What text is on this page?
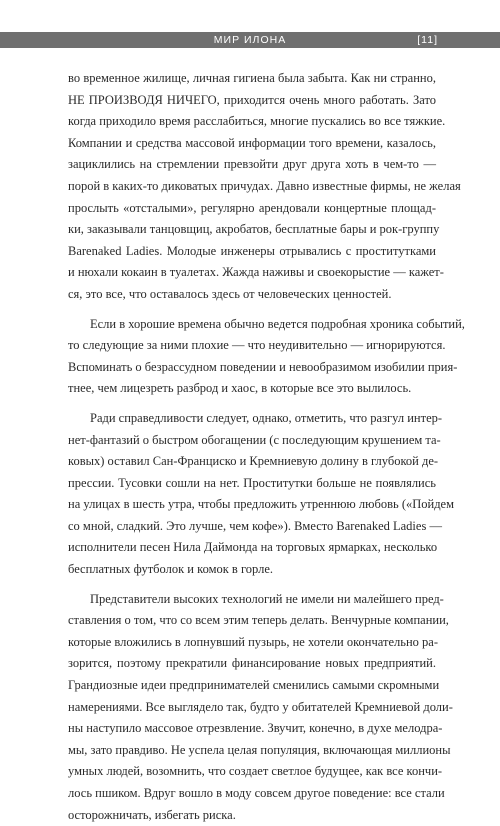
МИР ИЛОНА	[11]
во временное жилище, личная гигиена была забыта. Как ни странно,
НЕ ПРОИЗВОДЯ НИЧЕГО, приходится очень много работать. Зато
когда приходило время расслабиться, многие пускались во все тяжкие.
Компании и средства массовой информации того времени, казалось,
зациклились на стремлении превзойти друг друга хоть в чем-то —
порой в каких-то диковатых причудах. Давно известные фирмы, не желая
прослыть «отсталыми», регулярно арендовали концертные площад-
ки, заказывали танцовщиц, акробатов, бесплатные бары и рок-группу
Barenaked Ladies. Молодые инженеры отрывались с проститутками
и нюхали кокаин в туалетах. Жажда наживы и своекорыстие — кажет-
ся, это все, что оставалось здесь от человеческих ценностей.
Если в хорошие времена обычно ведется подробная хроника событий,
то следующие за ними плохие — что неудивительно — игнорируются.
Вспоминать о безрассудном поведении и невообразимом изобилии прия-
тнее, чем лицезреть разброд и хаос, в которые все это вылилось.
Ради справедливости следует, однако, отметить, что разгул интер-
нет-фантазий о быстром обогащении (с последующим крушением та-
ковых) оставил Сан-Франциско и Кремниевую долину в глубокой де-
прессии. Тусовки сошли на нет. Проститутки больше не появлялись
на улицах в шесть утра, чтобы предложить утреннюю любовь («Пойдем
со мной, сладкий. Это лучше, чем кофе»). Вместо Barenaked Ladies —
исполнители песен Нила Даймонда на торговых ярмарках, несколько
бесплатных футболок и комок в горле.
Представители высоких технологий не имели ни малейшего пред-
ставления о том, что со всем этим теперь делать. Венчурные компании,
которые вложились в лопнувший пузырь, не хотели окончательно ра-
зорится, поэтому прекратили финансирование новых предприятий.
Грандиозные идеи предпринимателей сменились самыми скромными
намерениями. Все выглядело так, будто у обитателей Кремниевой доли-
ны наступило массовое отрезвление. Звучит, конечно, в духе мелодра-
мы, зато правдиво. Не успела целая популяция, включающая миллионы
умных людей, возомнить, что создает светлое будущее, как все кончи-
лось пшиком. Вдруг вошло в моду совсем другое поведение: все стали
осторожничать, избегать риска.
